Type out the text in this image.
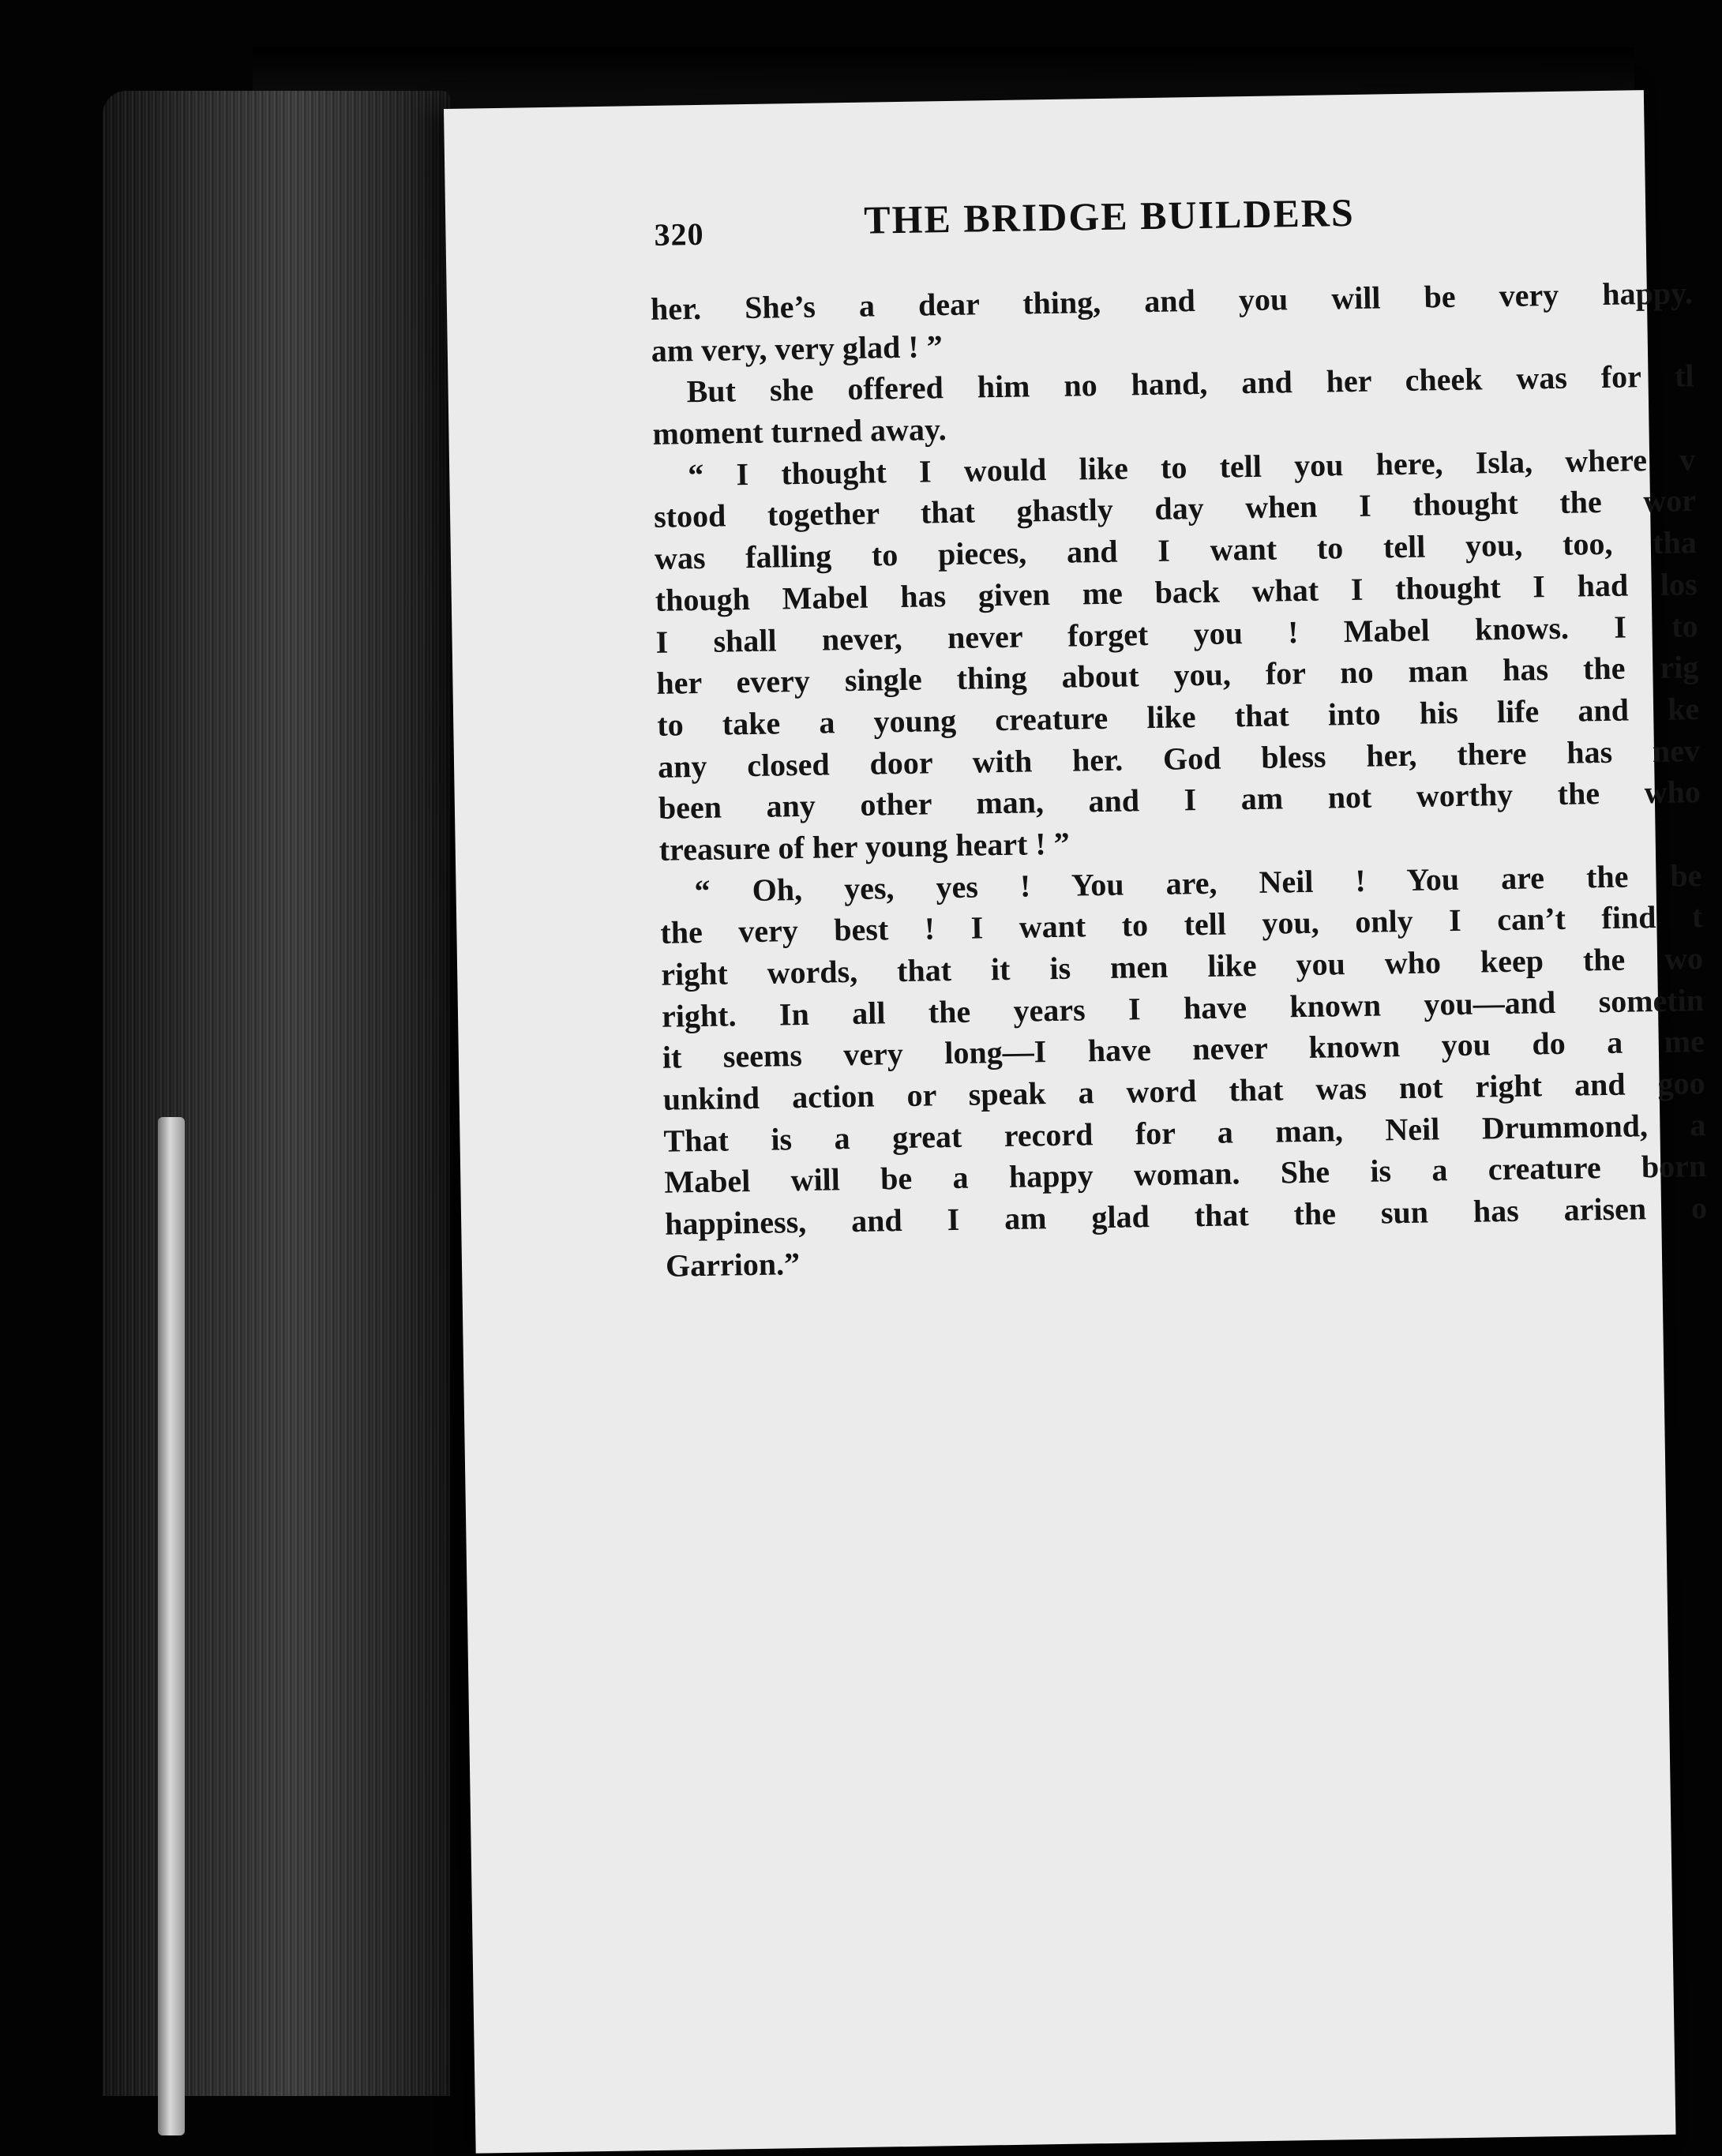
320	THE BRIDGE BUILDERS
her. She’s a dear thing, and you will be very happy.
am very, very glad ! ”
But she offered him no hand, and her cheek was for tl
moment turned away.
“ I thought I would like to tell you here, Isla, where v
stood together that ghastly day when I thought the wor
was falling to pieces, and I want to tell you, too, tha
though Mabel has given me back what I thought I had los
I shall never, never forget you ! Mabel knows. I to
her every single thing about you, for no man has the rig
to take a young creature like that into his life and ke
any closed door with her. God bless her, there has nev
been any other man, and I am not worthy the who
treasure of her young heart ! ”
“ Oh, yes, yes ! You are, Neil ! You are the be
the very best ! I want to tell you, only I can’t find t
right words, that it is men like you who keep the wo
right. In all the years I have known you—and sometin
it seems very long—I have never known you do a me
unkind action or speak a word that was not right and goo
That is a great record for a man, Neil Drummond, a
Mabel will be a happy woman. She is a creature born
happiness, and I am glad that the sun has arisen o
Garrion.”
